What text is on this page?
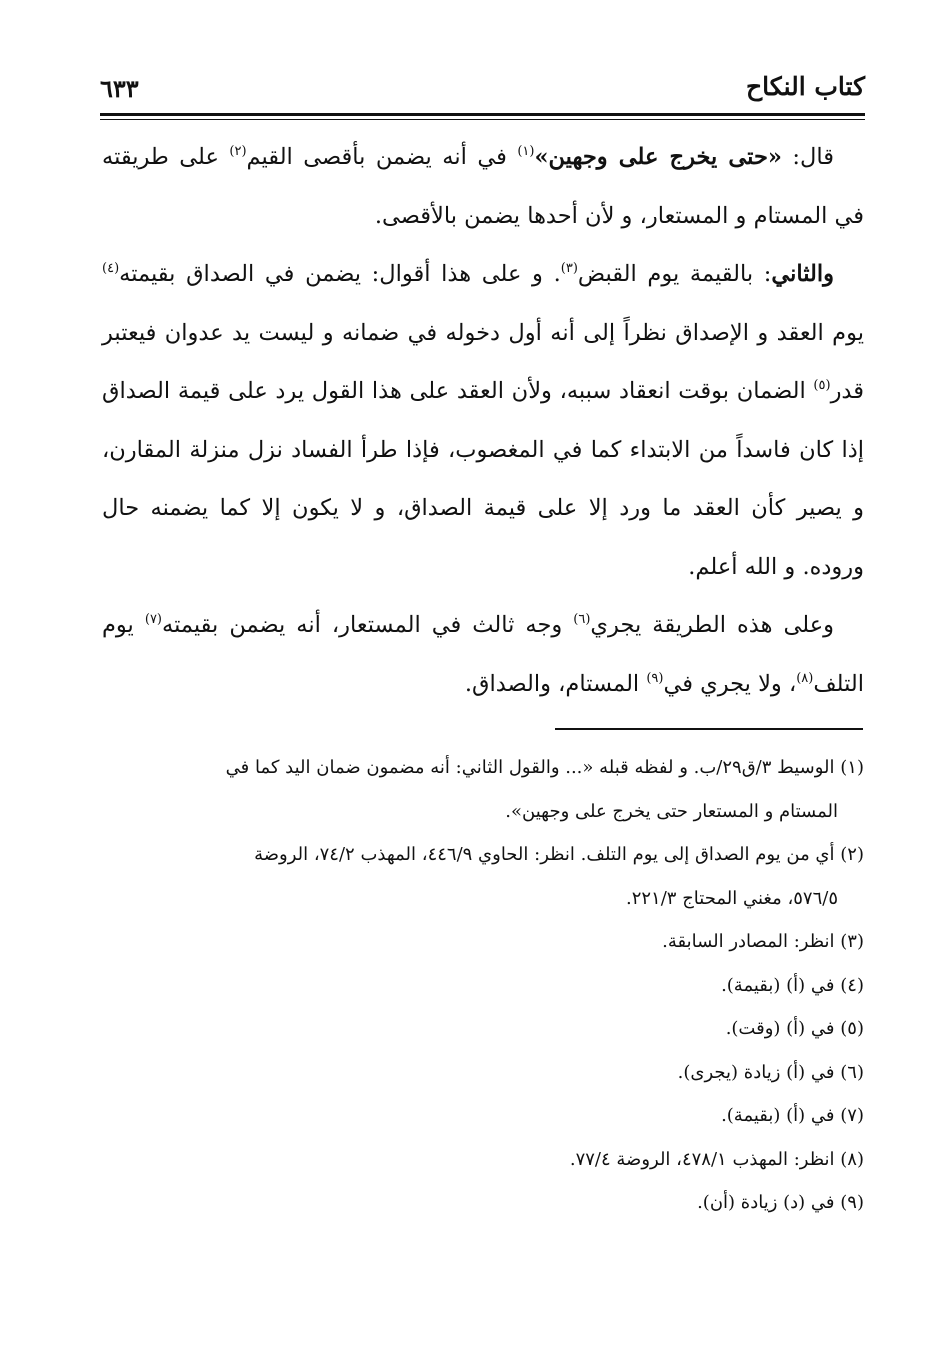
كتاب النكاح
٦٣٣

قال: «حتى يخرج على وجهين»$^{(١)}$ في أنه يضمن بأقصى القيم$^{(٢)}$ على طريقته في المستام و المستعار، و لأن أحدها يضمن بالأقصى.

والثاني: بالقيمة يوم القبض$^{(٣)}$. و على هذا أقوال: يضمن في الصداق بقيمته$^{(٤)}$ يوم العقد و الإصداق نظراً إلى أنه أول دخوله في ضمانه و ليست يد عدوان فيعتبر قدر$^{(٥)}$ الضمان بوقت انعقاد سببه، ولأن العقد على هذا القول يرد على قيمة الصداق إذا كان فاسداً من الابتداء كما في المغصوب، فإذا طرأ الفساد نزل منزلة المقارن، و يصير كأن العقد ما ورد إلا على قيمة الصداق، و لا يكون إلا كما يضمنه حال وروده. و الله أعلم.

وعلى هذه الطريقة يجري$^{(٦)}$ وجه ثالث في المستعار، أنه يضمن بقيمته$^{(٧)}$ يوم التلف$^{(٨)}$، ولا يجري في$^{(٩)}$ المستام، والصداق.

(١) الوسيط ٣/ق٢٩/ب. و لفظه قبله «... والقول الثاني: أنه مضمون ضمان اليد كما في

المستام و المستعار حتى يخرج على وجهين».

(٢) أي من يوم الصداق إلى يوم التلف. انظر: الحاوي ٤٤٦/٩، المهذب ٧٤/٢، الروضة

٥٧٦/٥، مغني المحتاج ٢٢١/٣.

(٣) انظر: المصادر السابقة.

(٤) في (أ) (بقيمة).

(٥) في (أ) (وقت).

(٦) في (أ) زيادة (يجرى).

(٧) في (أ) (بقيمة).

(٨) انظر: المهذب ٤٧٨/١، الروضة ٧٧/٤.

(٩) في (د) زيادة (أن).
